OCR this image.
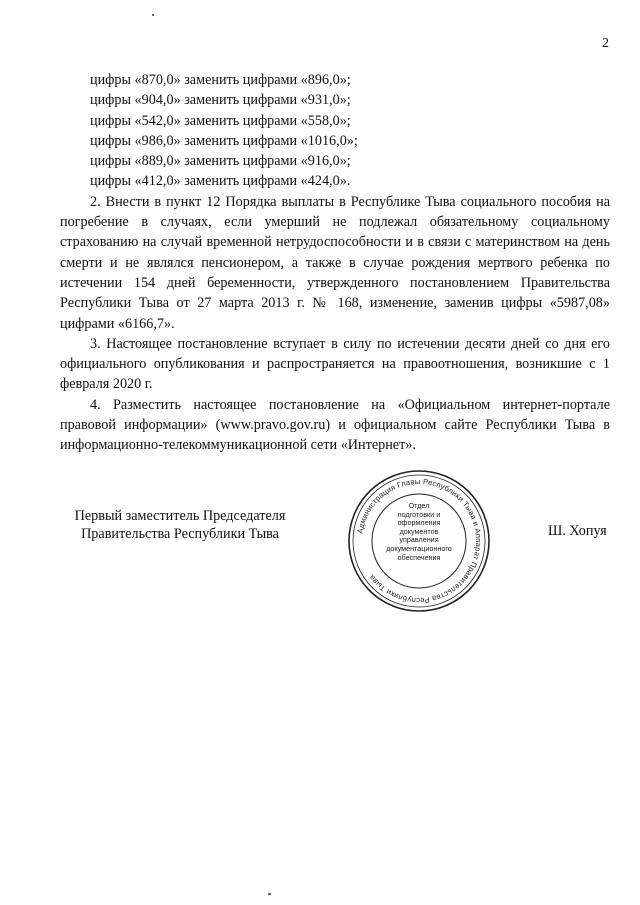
2
цифры «870,0» заменить цифрами «896,0»;
цифры «904,0» заменить цифрами «931,0»;
цифры «542,0» заменить цифрами «558,0»;
цифры «986,0» заменить цифрами «1016,0»;
цифры «889,0» заменить цифрами «916,0»;
цифры «412,0» заменить цифрами «424,0».
2. Внести в пункт 12 Порядка выплаты в Республике Тыва социального пособия на погребение в случаях, если умерший не подлежал обязательному социальному страхованию на случай временной нетрудоспособности и в связи с материнством на день смерти и не являлся пенсионером, а также в случае рождения мертвого ребенка по истечении 154 дней беременности, утвержденного постановлением Правительства Республики Тыва от 27 марта 2013 г. № 168, изменение, заменив цифры «5987,08» цифрами «6166,7».
3. Настоящее постановление вступает в силу по истечении десяти дней со дня его официального опубликования и распространяется на правоотношения, возникшие с 1 февраля 2020 г.
4. Разместить настоящее постановление на «Официальном интернет-портале правовой информации» (www.pravo.gov.ru) и официальном сайте Республики Тыва в информационно-телекоммуникационной сети «Интернет».
Первый заместитель Председателя
Правительства Республики Тыва	Администрация Главы Республики Тыва и Аппарат Правительства Республики Тыва
Отдел
подготовки и
оформления документов
управления
документационного
обеспечения
Ш. Хопуя
